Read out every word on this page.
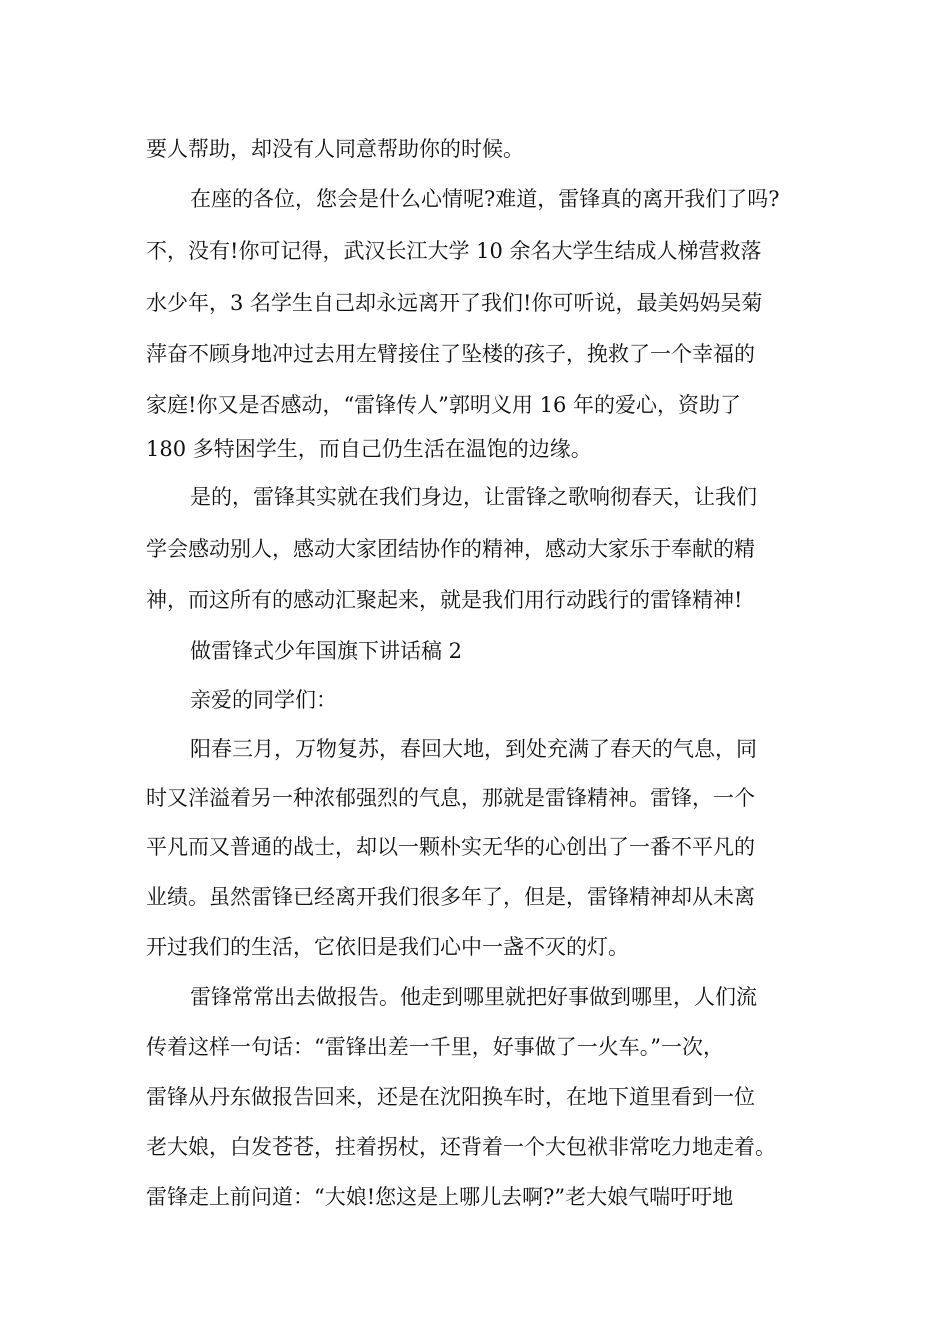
要人帮助，却没有人同意帮助你的时候。
在座的各位，您会是什么心情呢?难道，雷锋真的离开我们了吗?
不，没有!你可记得，武汉长江大学 10 余名大学生结成人梯营救落
水少年，3 名学生自己却永远离开了我们!你可听说，最美妈妈吴菊
萍奋不顾身地冲过去用左臂接住了坠楼的孩子，挽救了一个幸福的
家庭!你又是否感动，“雷锋传人”郭明义用 16 年的爱心，资助了
180 多特困学生，而自己仍生活在温饱的边缘。
是的，雷锋其实就在我们身边，让雷锋之歌响彻春天，让我们
学会感动别人，感动大家团结协作的精神，感动大家乐于奉献的精
神，而这所有的感动汇聚起来，就是我们用行动践行的雷锋精神!
做雷锋式少年国旗下讲话稿 2
亲爱的同学们：
阳春三月，万物复苏，春回大地，到处充满了春天的气息，同
时又洋溢着另一种浓郁强烈的气息，那就是雷锋精神。雷锋，一个
平凡而又普通的战士，却以一颗朴实无华的心创出了一番不平凡的
业绩。虽然雷锋已经离开我们很多年了，但是，雷锋精神却从未离
开过我们的生活，它依旧是我们心中一盏不灭的灯。
雷锋常常出去做报告。他走到哪里就把好事做到哪里，人们流
传着这样一句话：“雷锋出差一千里，好事做了一火车。”一次，
雷锋从丹东做报告回来，还是在沈阳换车时，在地下道里看到一位
老大娘，白发苍苍，拄着拐杖，还背着一个大包袱非常吃力地走着。
雷锋走上前问道：“大娘!您这是上哪儿去啊?”老大娘气喘吁吁地
